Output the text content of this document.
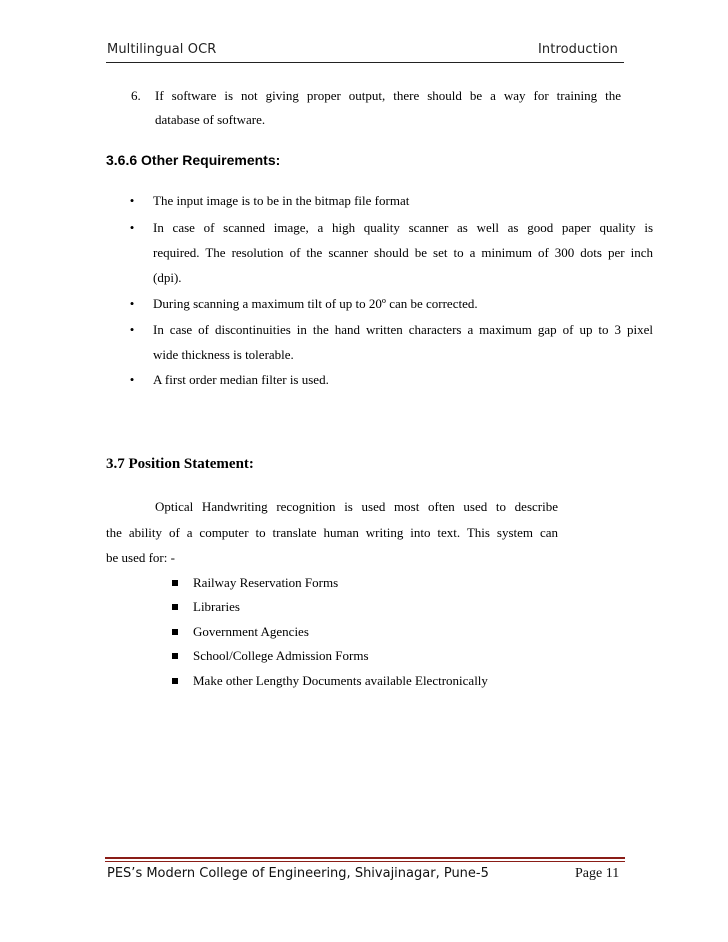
Multilingual OCR	Introduction
6. If software is not giving proper output, there should be a way for training the
database of software.
3.6.6 Other Requirements:
• The input image is to be in the bitmap file format
• In case of scanned image, a high quality scanner as well as good paper quality is
required. The resolution of the scanner should be set to a minimum of 300 dots per inch
(dpi).
• During scanning a maximum tilt of up to 20º can be corrected.
• In case of discontinuities in the hand written characters a maximum gap of up to 3 pixel
wide thickness is tolerable.
• A first order median filter is used.
3.7 Position Statement:
Optical Handwriting recognition is used most often used to describe
the ability of a computer to translate human writing into text. This system can
be used for: -
Railway Reservation Forms
Libraries
Government Agencies
School/College Admission Forms
Make other Lengthy Documents available Electronically
PES’s Modern College of Engineering, Shivajinagar, Pune-5	Page 11
